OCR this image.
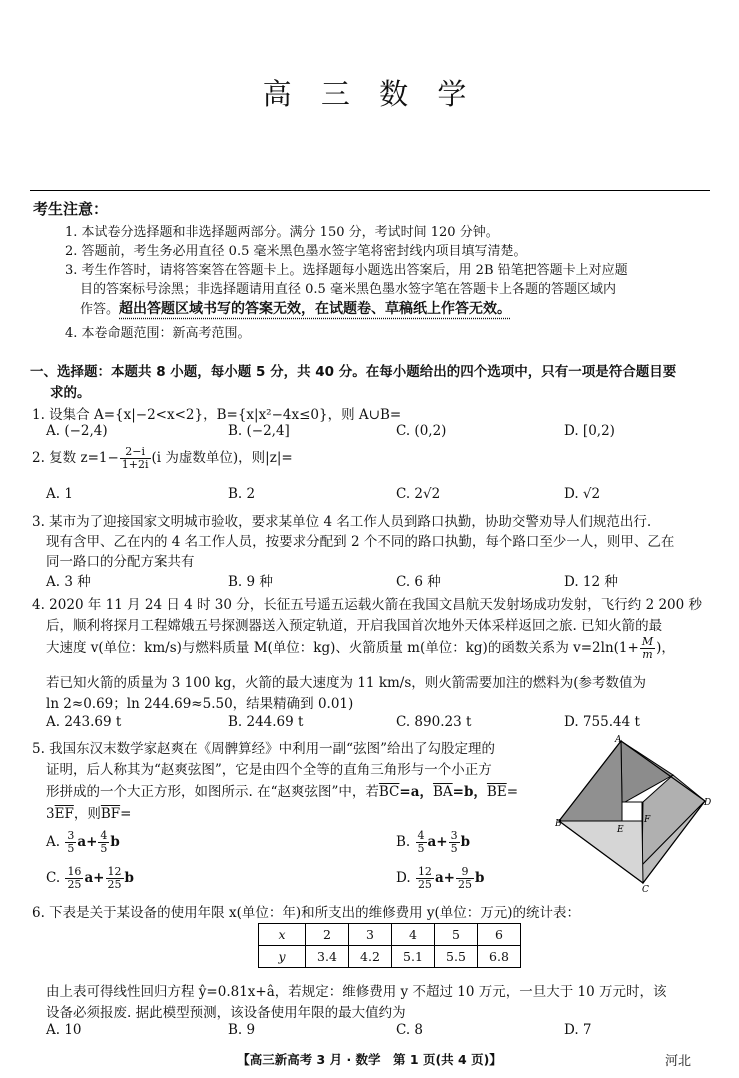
高 三 数 学
考生注意：
1. 本试卷分选择题和非选择题两部分。满分 150 分，考试时间 120 分钟。
2. 答题前，考生务必用直径 0.5 毫米黑色墨水签字笔将密封线内项目填写清楚。
3. 考生作答时，请将答案答在答题卡上。选择题每小题选出答案后，用 2B 铅笔把答题卡上对应题
目的答案标号涂黑；非选择题请用直径 0.5 毫米黑色墨水签字笔在答题卡上各题的答题区域内
作答。超出答题区域书写的答案无效，在试题卷、草稿纸上作答无效。
4. 本卷命题范围：新高考范围。
一、选择题：本题共 8 小题，每小题 5 分，共 40 分。在每小题给出的四个选项中，只有一项是符合题目要
求的。
1. 设集合 A={x|−2<x<2}，B={x|x²−4x≤0}，则 A∪B=
A. (−2,4)	B. (−2,4]	C. (0,2)	D. [0,2)
2. 复数 $z=1- \frac{2-i}{1+2i} (i$ 为虚数单位)，则|z|=
A. 1	B. 2	C. 2√2	D. √2
3. 某市为了迎接国家文明城市验收，要求某单位 4 名工作人员到路口执勤，协助交警劝导人们规范出行.
现有含甲、乙在内的 4 名工作人员，按要求分配到 2 个不同的路口执勤，每个路口至少一人，则甲、乙在
同一路口的分配方案共有
A. 3 种	B. 9 种	C. 6 种	D. 12 种
4. 2020 年 11 月 24 日 4 时 30 分，长征五号遥五运载火箭在我国文昌航天发射场成功发射，飞行约 2 200 秒
后，顺利将探月工程嫦娥五号探测器送入预定轨道，开启我国首次地外天体采样返回之旅. 已知火箭的最
大速度 v(单位：km/s)与燃料质量 M(单位：kg)、火箭质量 m(单位：kg)的函数关系为 $v=2\ln(1+ \frac{M}{m}$ )，
若已知火箭的质量为 3 100 kg，火箭的最大速度为 11 km/s，则火箭需要加注的燃料为(参考数值为
ln 2≈0.69；ln 244.69≈5.50，结果精确到 0.01)
A. 243.69 t	B. 244.69 t	C. 890.23 t	D. 755.44 t
5. 我国东汉末数学家赵爽在《周髀算经》中利用一副“弦图”给出了勾股定理的
证明，后人称其为“赵爽弦图”，它是由四个全等的直角三角形与一个小正方
形拼成的一个大正方形，如图所示. 在“赵爽弦图”中，若$\overline{BC}=a$，$\overline{BA}=b$，$\overline{BE}=$
$3\overline{EF}$，则$\overline{BF}=$
A. $\frac{3}{5} a+ \frac{4}{5}$ b	B. $\frac{4}{5} a+ \frac{3}{5}$ b
C. $\frac{16}{25} a+ \frac{12}{25}$ b	D. $\frac{12}{25} a+ \frac{9}{25}$ b
A
B
C
D
E
F
6. 下表是关于某设备的使用年限 x(单位：年)和所支出的维修费用 y(单位：万元)的统计表：
x	2	3	4	5	6
y	3.4	4.2	5.1	5.5	6.8
由上表可得线性回归方程 ŷ=0.81x+â，若规定：维修费用 y 不超过 10 万元，一旦大于 10 万元时，该
设备必须报废. 据此模型预测，该设备使用年限的最大值约为
A. 10	B. 9	C. 8	D. 7
【高三新高考 3 月 · 数学　第 1 页(共 4 页)】	河北
